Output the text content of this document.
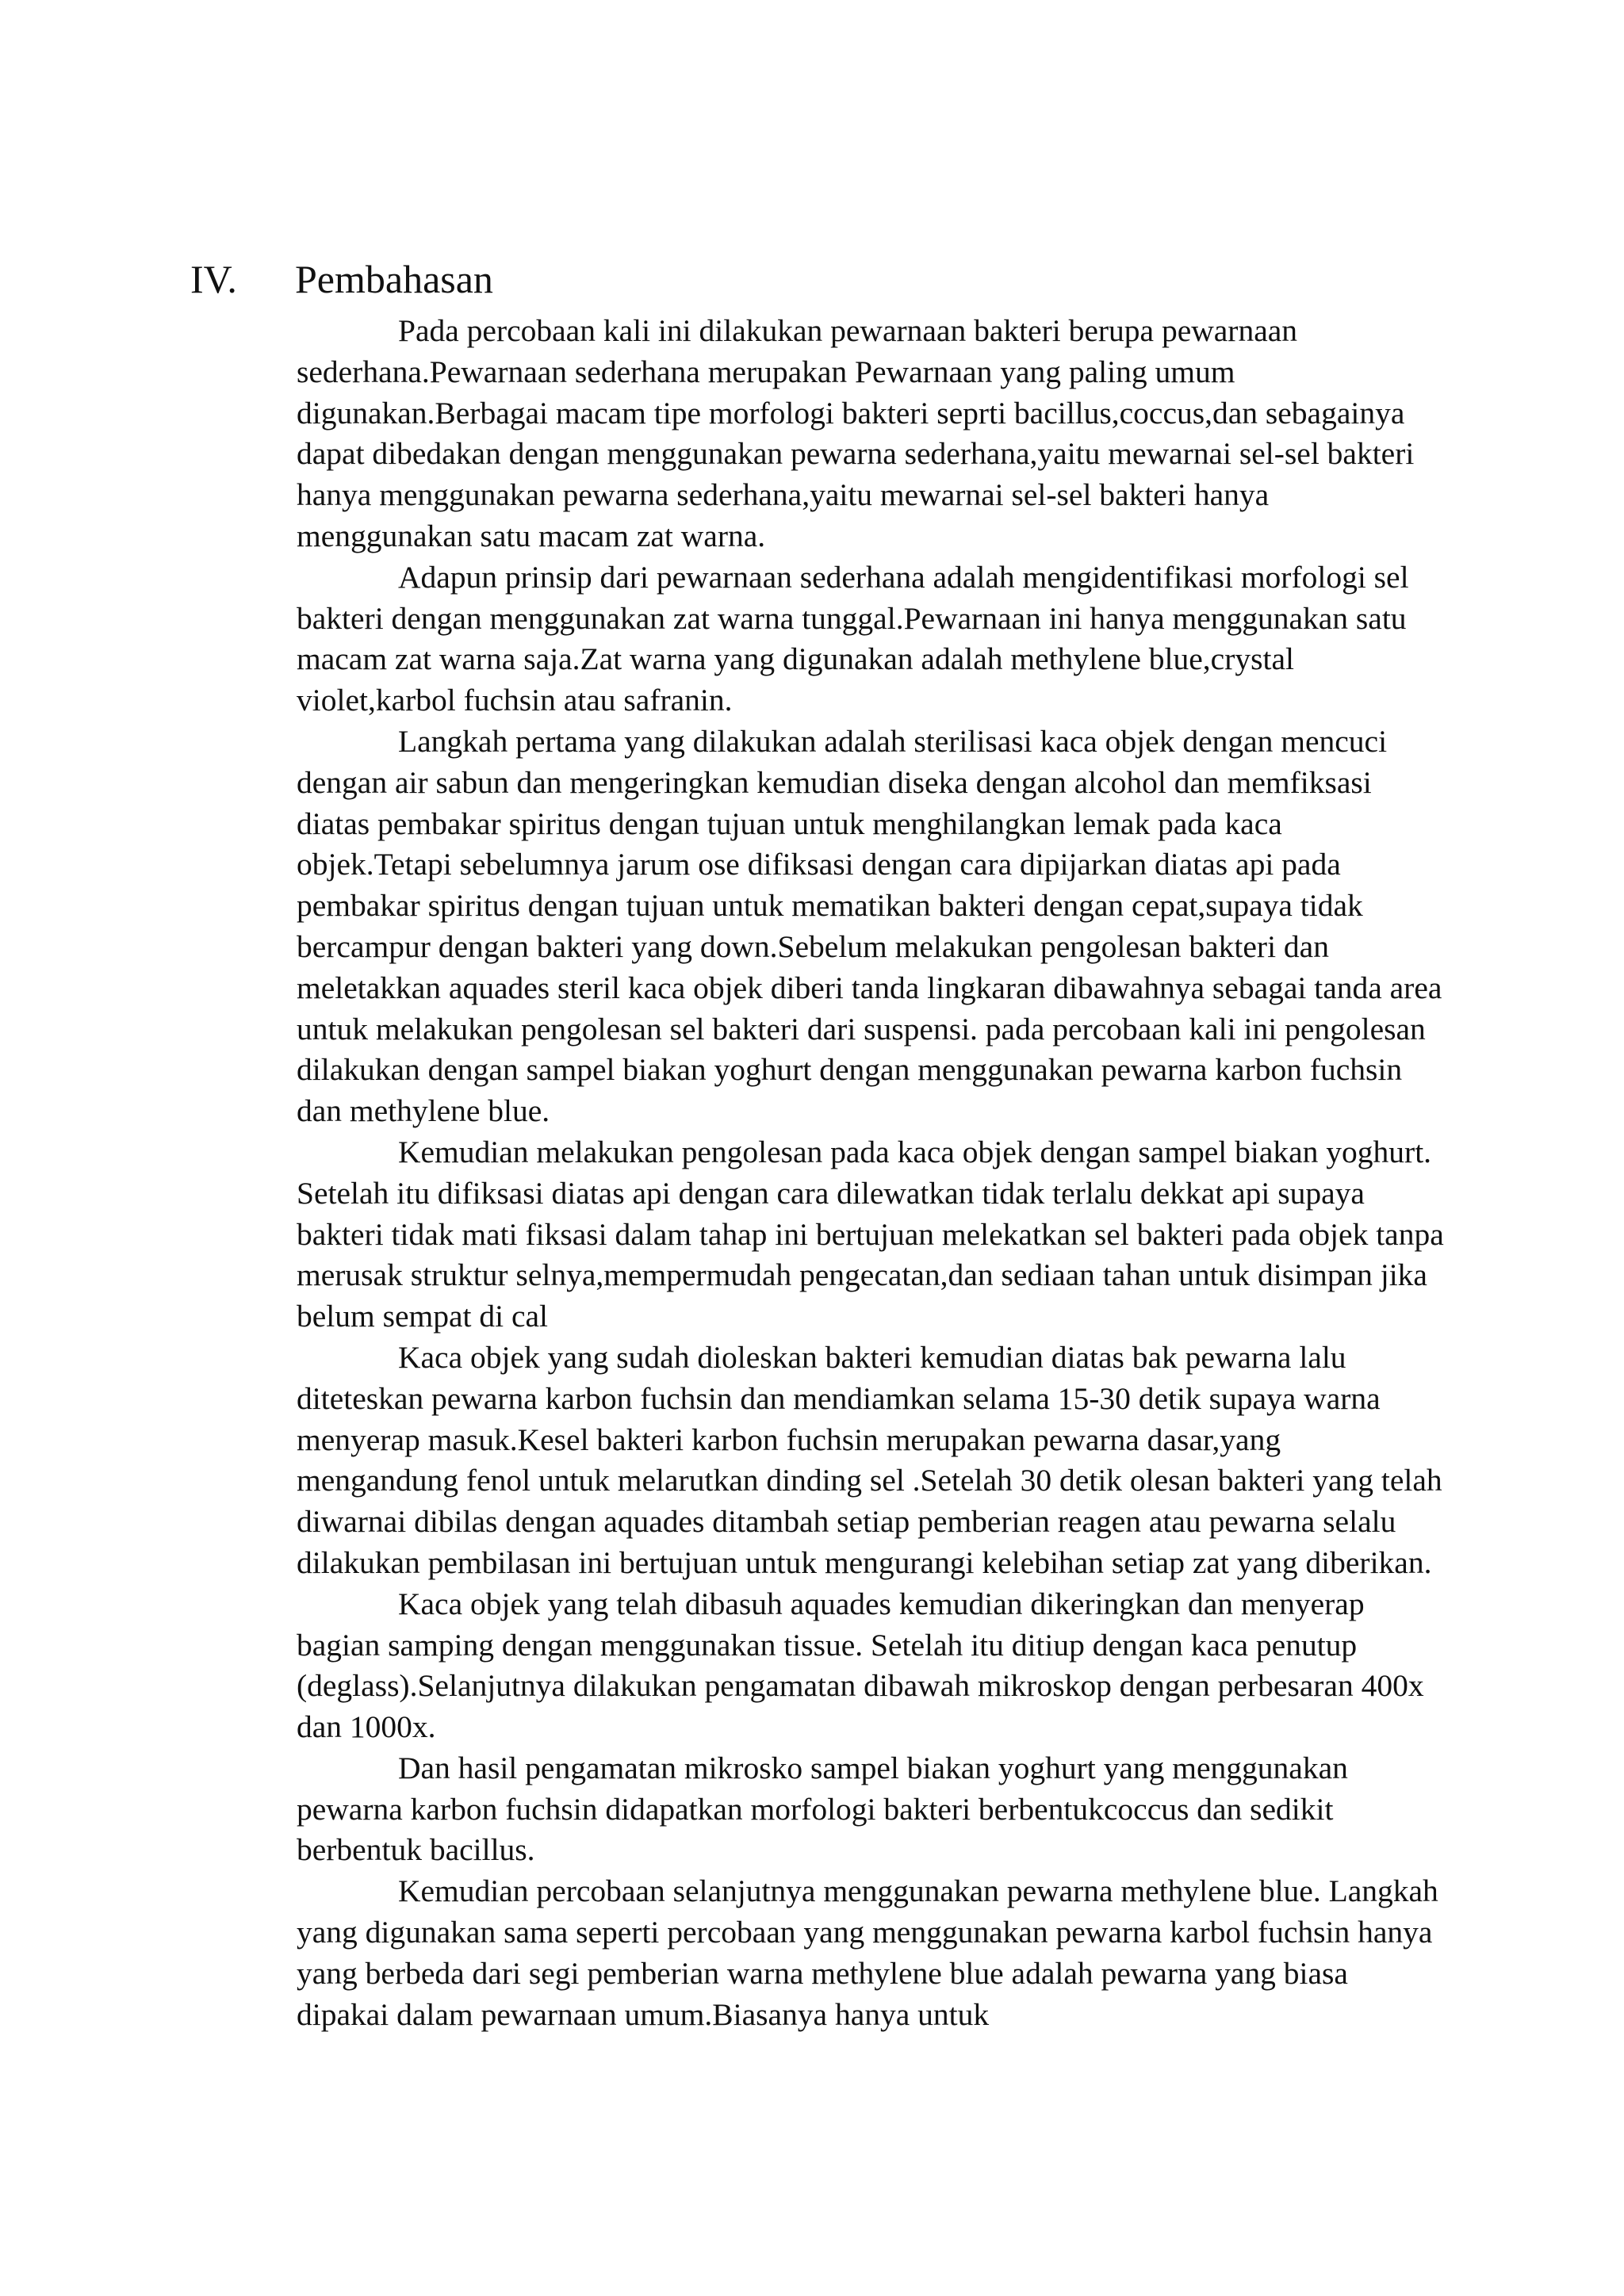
IV. Pembahasan

Pada percobaan kali ini dilakukan pewarnaan bakteri berupa pewarnaan sederhana.Pewarnaan sederhana merupakan Pewarnaan yang paling umum digunakan.Berbagai macam tipe morfologi bakteri seprti bacillus,coccus,dan sebagainya dapat dibedakan dengan menggunakan pewarna sederhana,yaitu mewarnai sel-sel bakteri hanya menggunakan pewarna sederhana,yaitu mewarnai sel-sel bakteri hanya menggunakan satu macam zat warna.

Adapun prinsip dari pewarnaan sederhana adalah mengidentifikasi morfologi sel bakteri dengan menggunakan zat warna tunggal.Pewarnaan ini hanya menggunakan satu macam zat warna saja.Zat warna yang digunakan adalah methylene blue,crystal violet,karbol fuchsin atau safranin.

Langkah pertama yang dilakukan adalah sterilisasi kaca objek dengan mencuci dengan air sabun dan mengeringkan kemudian diseka dengan alcohol dan memfiksasi diatas pembakar spiritus dengan tujuan untuk menghilangkan lemak pada kaca objek.Tetapi sebelumnya jarum ose difiksasi dengan cara dipijarkan diatas api pada pembakar spiritus dengan tujuan untuk mematikan bakteri dengan cepat,supaya tidak bercampur dengan bakteri yang down.Sebelum melakukan pengolesan bakteri dan meletakkan aquades steril kaca objek diberi tanda lingkaran dibawahnya sebagai tanda area untuk melakukan pengolesan sel bakteri dari suspensi. pada percobaan kali ini pengolesan dilakukan dengan sampel biakan yoghurt dengan menggunakan pewarna karbon fuchsin dan methylene blue.

Kemudian melakukan pengolesan pada kaca objek dengan sampel biakan yoghurt. Setelah itu difiksasi diatas api dengan cara dilewatkan tidak terlalu dekkat api supaya bakteri tidak mati fiksasi dalam tahap ini bertujuan melekatkan sel bakteri pada objek tanpa merusak struktur selnya,mempermudah pengecatan,dan sediaan tahan untuk disimpan jika belum sempat di cal

Kaca objek yang sudah dioleskan bakteri kemudian diatas bak pewarna lalu diteteskan pewarna karbon fuchsin dan mendiamkan selama 15-30 detik supaya warna menyerap masuk.Kesel bakteri karbon fuchsin merupakan pewarna dasar,yang mengandung fenol untuk melarutkan dinding sel .Setelah 30 detik olesan bakteri yang telah diwarnai dibilas dengan aquades ditambah setiap pemberian reagen atau pewarna selalu dilakukan pembilasan ini bertujuan untuk mengurangi kelebihan setiap zat yang diberikan.

Kaca objek yang telah dibasuh aquades kemudian dikeringkan dan menyerap bagian samping dengan menggunakan tissue. Setelah itu ditiup dengan kaca penutup (deglass).Selanjutnya dilakukan pengamatan dibawah mikroskop dengan perbesaran 400x dan 1000x.

Dan hasil pengamatan mikrosko sampel biakan yoghurt yang menggunakan pewarna karbon fuchsin didapatkan morfologi bakteri berbentukcoccus dan sedikit berbentuk bacillus.

Kemudian percobaan selanjutnya menggunakan pewarna methylene blue. Langkah yang digunakan sama seperti percobaan yang menggunakan pewarna karbol fuchsin hanya yang berbeda dari segi pemberian warna methylene blue adalah pewarna yang biasa dipakai dalam pewarnaan umum.Biasanya hanya untuk
